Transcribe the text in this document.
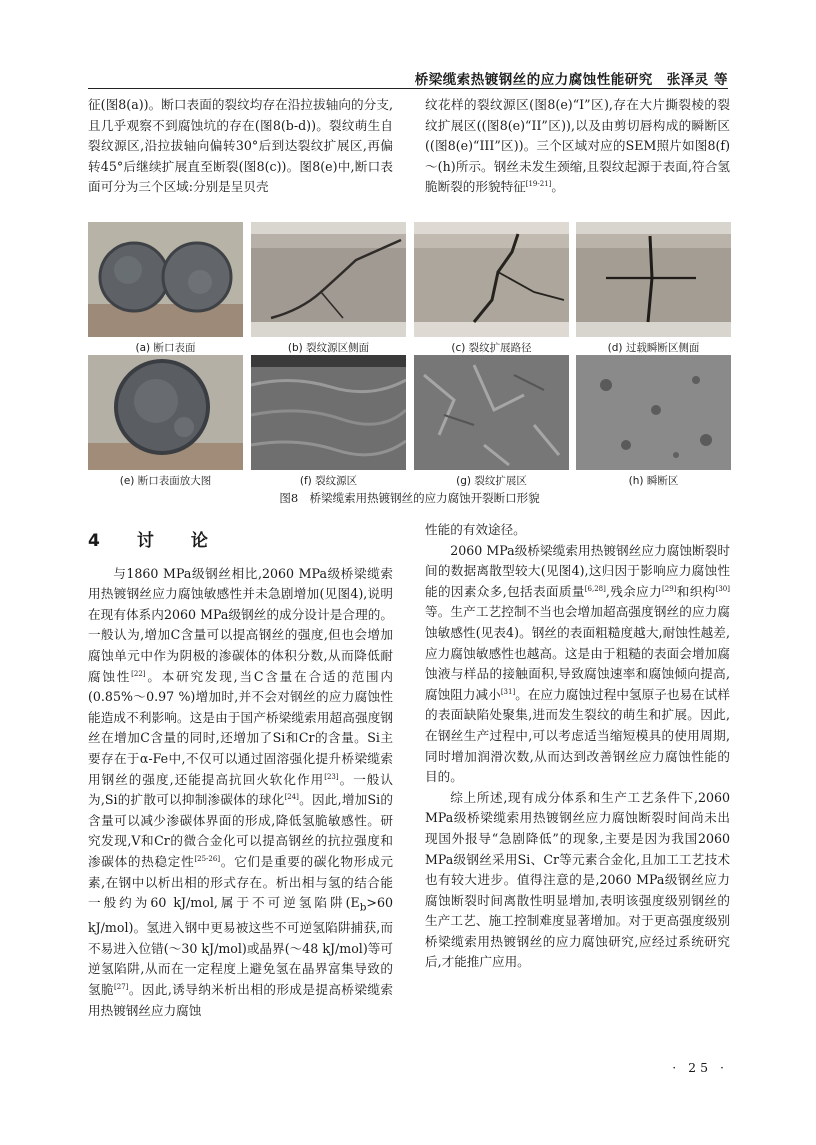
桥梁缆索热镀钢丝的应力腐蚀性能研究　张泽灵 等

征(图8(a))。断口表面的裂纹均存在沿拉拔轴向的分支,且几乎观察不到腐蚀坑的存在(图8(b-d))。裂纹萌生自裂纹源区,沿拉拔轴向偏转30°后到达裂纹扩展区,再偏转45°后继续扩展直至断裂(图8(c))。图8(e)中,断口表面可分为三个区域:分别是呈贝壳

纹花样的裂纹源区(图8(e)“I”区),存在大片撕裂棱的裂纹扩展区((图8(e)“II”区)),以及由剪切唇构成的瞬断区((图8(e)“III”区))。三个区域对应的SEM照片如图8(f)～(h)所示。钢丝未发生颈缩,且裂纹起源于表面,符合氢脆断裂的形貌特征[19-21]。

(a) 断口表面	(b) 裂纹源区侧面	(c) 裂纹扩展路径	(d) 过载瞬断区侧面
(e) 断口表面放大图	(f) 裂纹源区	(g) 裂纹扩展区	(h) 瞬断区
图8　桥梁缆索用热镀钢丝的应力腐蚀开裂断口形貌
4　讨　论

与1860 MPa级钢丝相比,2060 MPa级桥梁缆索用热镀钢丝应力腐蚀敏感性并未急剧增加(见图4),说明在现有体系内2060 MPa级钢丝的成分设计是合理的。一般认为,增加C含量可以提高钢丝的强度,但也会增加腐蚀单元中作为阴极的渗碳体的体积分数,从而降低耐腐蚀性[22]。本研究发现,当C含量在合适的范围内(0.85%～0.97 %)增加时,并不会对钢丝的应力腐蚀性能造成不利影响。这是由于国产桥梁缆索用超高强度钢丝在增加C含量的同时,还增加了Si和Cr的含量。Si主要存在于α-Fe中,不仅可以通过固溶强化提升桥梁缆索用钢丝的强度,还能提高抗回火软化作用[23]。一般认为,Si的扩散可以抑制渗碳体的球化[24]。因此,增加Si的含量可以减少渗碳体界面的形成,降低氢脆敏感性。研究发现,V和Cr的微合金化可以提高钢丝的抗拉强度和渗碳体的热稳定性[25-26]。它们是重要的碳化物形成元素,在钢中以析出相的形式存在。析出相与氢的结合能一般约为60 kJ/mol,属于不可逆氢陷阱($E_b>60$ kJ/mol)。氢进入钢中更易被这些不可逆氢陷阱捕获,而不易进入位错(～30 kJ/mol)或晶界(～48 kJ/mol)等可逆氢陷阱,从而在一定程度上避免氢在晶界富集导致的氢脆[27]。因此,诱导纳米析出相的形成是提高桥梁缆索用热镀钢丝应力腐蚀

性能的有效途径。

2060 MPa级桥梁缆索用热镀钢丝应力腐蚀断裂时间的数据离散型较大(见图4),这归因于影响应力腐蚀性能的因素众多,包括表面质量[6,28],残余应力[29]和织构[30]等。生产工艺控制不当也会增加超高强度钢丝的应力腐蚀敏感性(见表4)。钢丝的表面粗糙度越大,耐蚀性越差,应力腐蚀敏感性也越高。这是由于粗糙的表面会增加腐蚀液与样品的接触面积,导致腐蚀速率和腐蚀倾向提高,腐蚀阻力减小[31]。在应力腐蚀过程中氢原子也易在试样的表面缺陷处聚集,进而发生裂纹的萌生和扩展。因此,在钢丝生产过程中,可以考虑适当缩短模具的使用周期,同时增加润滑次数,从而达到改善钢丝应力腐蚀性能的目的。

综上所述,现有成分体系和生产工艺条件下,2060 MPa级桥梁缆索用热镀钢丝应力腐蚀断裂时间尚未出现国外报导“急剧降低”的现象,主要是因为我国2060 MPa级钢丝采用Si、Cr等元素合金化,且加工工艺技术也有较大进步。值得注意的是,2060 MPa级钢丝应力腐蚀断裂时间离散性明显增加,表明该强度级别钢丝的生产工艺、施工控制难度显著增加。对于更高强度级别桥梁缆索用热镀钢丝的应力腐蚀研究,应经过系统研究后,才能推广应用。

· 25 ·
